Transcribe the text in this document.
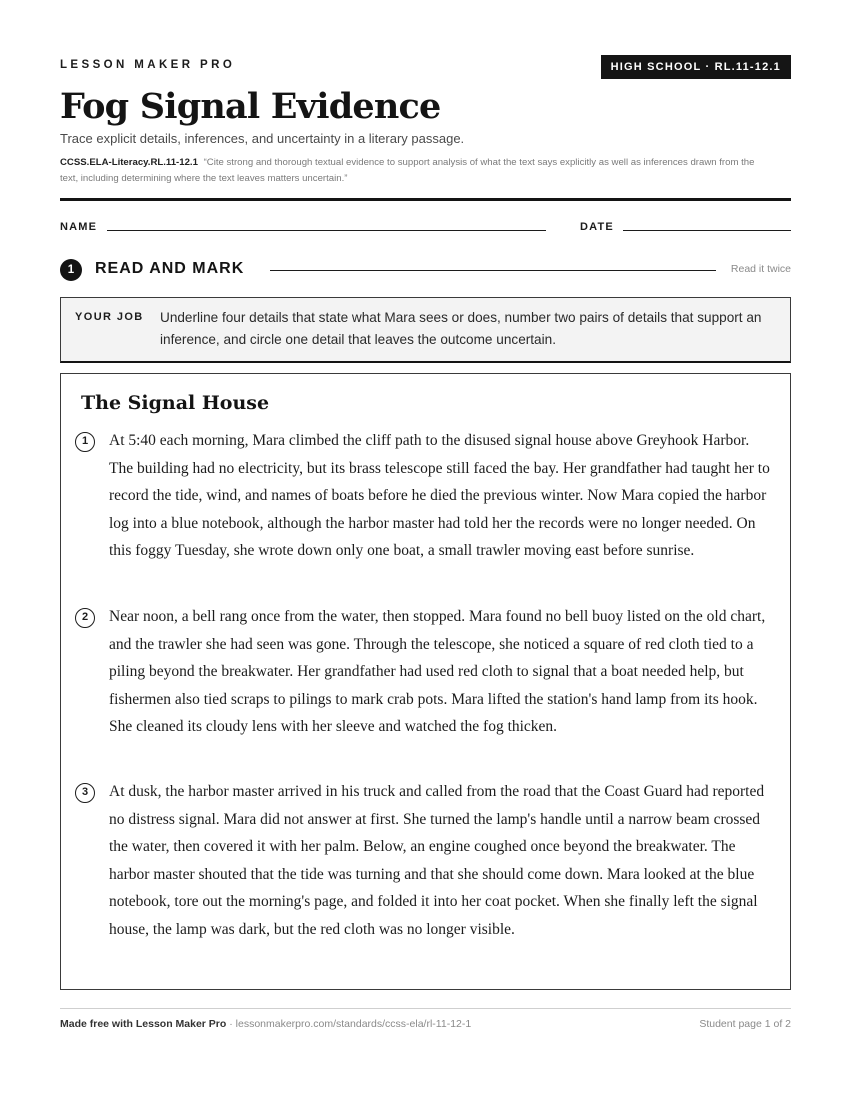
LESSON MAKER PRO	HIGH SCHOOL · RL.11-12.1
Fog Signal Evidence
Trace explicit details, inferences, and uncertainty in a literary passage.
CCSS.ELA-Literacy.RL.11-12.1 “Cite strong and thorough textual evidence to support analysis of what the text says explicitly as well as inferences drawn from the text, including determining where the text leaves matters uncertain.”
NAME	DATE
1	READ AND MARK	Read it twice
YOUR JOB Underline four details that state what Mara sees or does, number two pairs of details that support an inference, and circle one detail that leaves the outcome uncertain.
The Signal House
1	At 5:40 each morning, Mara climbed the cliff path to the disused signal house above Greyhook Harbor. The building had no electricity, but its brass telescope still faced the bay. Her grandfather had taught her to record the tide, wind, and names of boats before he died the previous winter. Now Mara copied the harbor log into a blue notebook, although the harbor master had told her the records were no longer needed. On this foggy Tuesday, she wrote down only one boat, a small trawler moving east before sunrise.

2	Near noon, a bell rang once from the water, then stopped. Mara found no bell buoy listed on the old chart, and the trawler she had seen was gone. Through the telescope, she noticed a square of red cloth tied to a piling beyond the breakwater. Her grandfather had used red cloth to signal that a boat needed help, but fishermen also tied scraps to pilings to mark crab pots. Mara lifted the station's hand lamp from its hook. She cleaned its cloudy lens with her sleeve and watched the fog thicken.

3	At dusk, the harbor master arrived in his truck and called from the road that the Coast Guard had reported no distress signal. Mara did not answer at first. She turned the lamp's handle until a narrow beam crossed the water, then covered it with her palm. Below, an engine coughed once beyond the breakwater. The harbor master shouted that the tide was turning and that she should come down. Mara looked at the blue notebook, tore out the morning's page, and folded it into her coat pocket. When she finally left the signal house, the lamp was dark, but the red cloth was no longer visible.

Made free with Lesson Maker Pro · lessonmakerpro.com/standards/ccss-ela/rl-11-12-1	Student page 1 of 2
